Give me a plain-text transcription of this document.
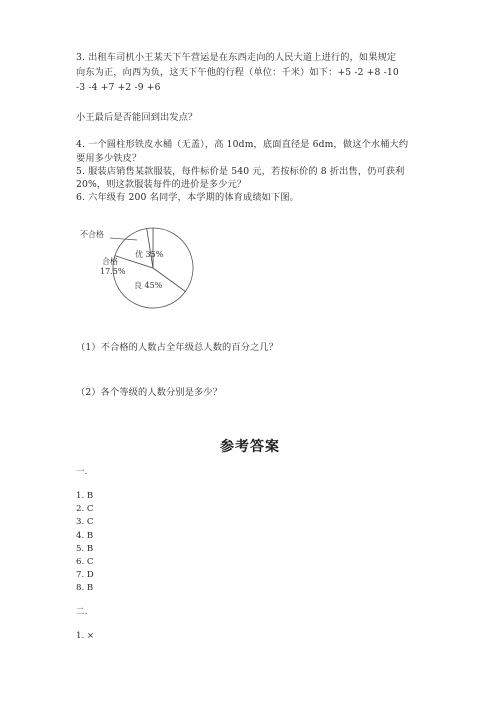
3. 出租车司机小王某天下午营运是在东西走向的人民大道上进行的，如果规定
向东为正，向西为负，这天下午他的行程（单位：千米）如下：+5 -2 +8 -10
-3 -4 +7 +2 -9 +6
小王最后是否能回到出发点？
4. 一个圆柱形铁皮水桶（无盖），高 10dm，底面直径是 6dm，做这个水桶大约
要用多少铁皮？
5. 服装店销售某款服装，每件标价是 540 元，若按标价的 8 折出售，仍可获利
20%，则这款服装每件的进价是多少元？
6. 六年级有 200 名同学，本学期的体育成绩如下图。
不合格
优 35%
合格
17.5%
良 45%
（1）不合格的人数占全年级总人数的百分之几？
（2）各个等级的人数分别是多少？
参考答案
一.
1. B
2. C
3. C
4. B
5. B
6. C
7. D
8. B
二.
1. ×
